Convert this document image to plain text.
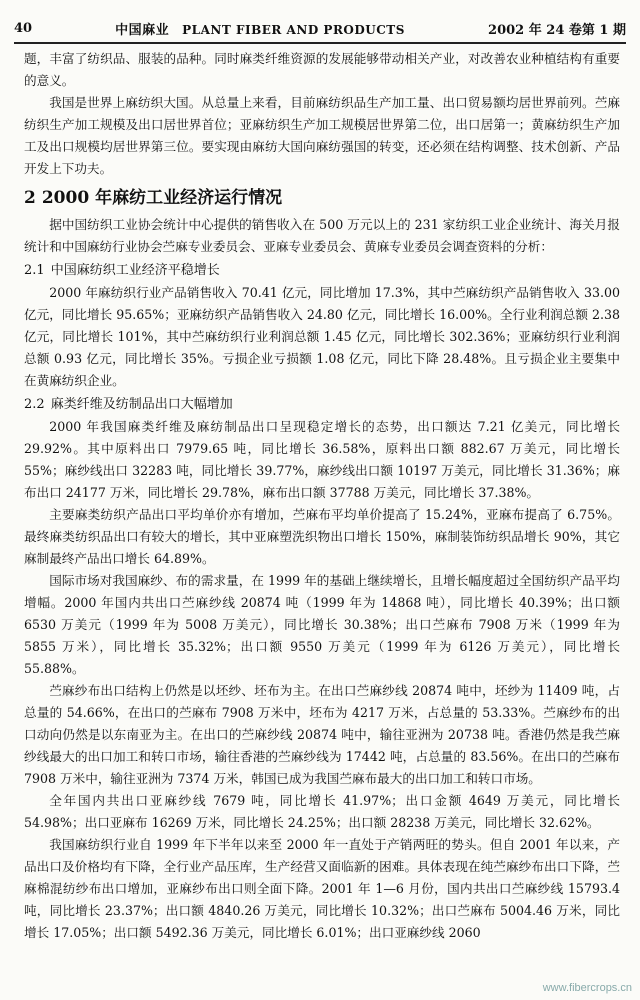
40	中国麻业 PLANT FIBER AND PRODUCTS	2002 年 24 卷第 1 期

题，丰富了纺织品、服装的品种。同时麻类纤维资源的发展能够带动相关产业，对改善农业种植结构有重要的意义。

我国是世界上麻纺织大国。从总量上来看，目前麻纺织品生产加工量、出口贸易额均居世界前列。苎麻纺织生产加工规模及出口居世界首位；亚麻纺织生产加工规模居世界第二位，出口居第一；黄麻纺织生产加工及出口规模均居世界第三位。要实现由麻纺大国向麻纺强国的转变，还必须在结构调整、技术创新、产品开发上下功夫。

2 2000 年麻纺工业经济运行情况

据中国纺织工业协会统计中心提供的销售收入在 500 万元以上的 231 家纺织工业企业统计、海关月报统计和中国麻纺行业协会苎麻专业委员会、亚麻专业委员会、黄麻专业委员会调查资料的分析：

2.1 中国麻纺织工业经济平稳增长

2000 年麻纺织行业产品销售收入 70.41 亿元，同比增加 17.3%，其中苎麻纺织产品销售收入 33.00 亿元，同比增长 95.65%；亚麻纺织产品销售收入 24.80 亿元，同比增长 16.00%。全行业利润总额 2.38 亿元，同比增长 101%，其中苎麻纺织行业利润总额 1.45 亿元，同比增长 302.36%；亚麻纺织行业利润总额 0.93 亿元，同比增长 35%。亏损企业亏损额 1.08 亿元，同比下降 28.48%。且亏损企业主要集中在黄麻纺织企业。

2.2 麻类纤维及纺制品出口大幅增加

2000 年我国麻类纤维及麻纺制品出口呈现稳定增长的态势，出口额达 7.21 亿美元，同比增长 29.92%。其中原料出口 7979.65 吨，同比增长 36.58%，原料出口额 882.67 万美元，同比增长 55%；麻纱线出口 32283 吨，同比增长 39.77%，麻纱线出口额 10197 万美元，同比增长 31.36%；麻布出口 24177 万米，同比增长 29.78%，麻布出口额 37788 万美元，同比增长 37.38%。

主要麻类纺织产品出口平均单价亦有增加，苎麻布平均单价提高了 15.24%，亚麻布提高了 6.75%。最终麻类纺织品出口有较大的增长，其中亚麻塑洗织物出口增长 150%，麻制装饰纺织品增长 90%，其它麻制最终产品出口增长 64.89%。

国际市场对我国麻纱、布的需求量，在 1999 年的基础上继续增长，且增长幅度超过全国纺织产品平均增幅。2000 年国内共出口苎麻纱线 20874 吨（1999 年为 14868 吨），同比增长 40.39%；出口额 6530 万美元（1999 年为 5008 万美元），同比增长 30.38%；出口苎麻布 7908 万米（1999 年为 5855 万米），同比增长 35.32%；出口额 9550 万美元（1999 年为 6126 万美元），同比增长 55.88%。

苎麻纱布出口结构上仍然是以坯纱、坯布为主。在出口苎麻纱线 20874 吨中，坯纱为 11409 吨，占总量的 54.66%，在出口的苎麻布 7908 万米中，坯布为 4217 万米，占总量的 53.33%。苎麻纱布的出口动向仍然是以东南亚为主。在出口的苎麻纱线 20874 吨中，输往亚洲为 20738 吨。香港仍然是我苎麻纱线最大的出口加工和转口市场，输往香港的苎麻纱线为 17442 吨，占总量的 83.56%。在出口的苎麻布 7908 万米中，输往亚洲为 7374 万米，韩国已成为我国苎麻布最大的出口加工和转口市场。

全年国内共出口亚麻纱线 7679 吨，同比增长 41.97%；出口金额 4649 万美元，同比增长 54.98%；出口亚麻布 16269 万米，同比增长 24.25%；出口额 28238 万美元，同比增长 32.62%。

我国麻纺织行业自 1999 年下半年以来至 2000 年一直处于产销两旺的势头。但自 2001 年以来，产品出口及价格均有下降，全行业产品压库，生产经营又面临新的困难。具体表现在纯苎麻纱布出口下降，苎麻棉混纺纱布出口增加，亚麻纱布出口则全面下降。2001 年 1—6 月份，国内共出口苎麻纱线 15793.4 吨，同比增长 23.37%；出口额 4840.26 万美元，同比增长 10.32%；出口苎麻布 5004.46 万米，同比增长 17.05%；出口额 5492.36 万美元，同比增长 6.01%；出口亚麻纱线 2060

www.fibercrops.cn
